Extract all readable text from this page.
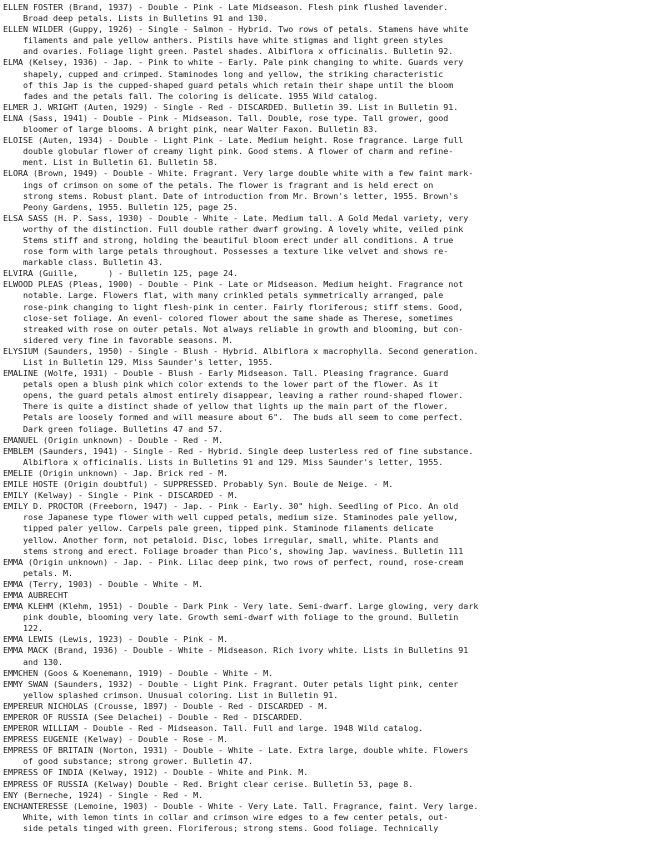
ELLEN FOSTER (Brand, 1937) - Double - Pink - Late Midseason. Flesh pink flushed lavender.
Broad deep petals. Lists in Bulletins 91 and 130.
ELLEN WILDER (Guppy, 1926) - Single - Salmon - Hybrid. Two rows of petals. Stamens have white
filaments and pale yellow anthers. Pistils have white stigmas and light green styles
and ovaries. Foliage light green. Pastel shades. Albiflora x officinalis. Bulletin 92.
ELMA (Kelsey, 1936) - Jap. - Pink to white - Early. Pale pink changing to white. Guards very
shapely, cupped and crimped. Staminodes long and yellow, the striking characteristic
of this Jap is the cupped-shaped guard petals which retain their shape until the bloom
fades and the petals fall. The coloring is delicate. 1955 Wild catalog.
ELMER J. WRIGHT (Auten, 1929) - Single - Red - DISCARDED. Bulletin 39. List in Bulletin 91.
ELNA (Sass, 1941) - Double - Pink - Midseason. Tall. Double, rose type. Tall grower, good
bloomer of large blooms. A bright pink, near Walter Faxon. Bulletin 83.
ELOISE (Auten, 1934) - Double - Light Pink - Late. Medium height. Rose fragrance. Large full
double globular flower of creamy light pink. Good stems. A flower of charm and refine-
ment. List in Bulletin 61. Bulletin 58.
ELORA (Brown, 1949) - Double - White. Fragrant. Very large double white with a few faint mark-
ings of crimson on some of the petals. The flower is fragrant and is held erect on
strong stems. Robust plant. Date of introduction from Mr. Brown's letter, 1955. Brown's
Peony Gardens, 1955. Bulletin 125, page 25.
ELSA SASS (H. P. Sass, 1930) - Double - White - Late. Medium tall. A Gold Medal variety, very
worthy of the distinction. Full double rather dwarf growing. A lovely white, veiled pink
Stems stiff and strong, holding the beautiful bloom erect under all conditions. A true
rose form with large petals throughout. Possesses a texture like velvet and shows re-
markable class. Bulletin 43.
ELVIRA (Guille,      ) - Bulletin 125, page 24.
ELWOOD PLEAS (Pleas, 1900) - Double - Pink - Late or Midseason. Medium height. Fragrance not
notable. Large. Flowers flat, with many crinkled petals symmetrically arranged, pale
rose-pink changing to light flesh-pink in center. Fairly floriferous; stiff stems. Good,
close-set foliage. An evenl- colored flower about the same shade as Therese, sometimes
streaked with rose on outer petals. Not always reliable in growth and blooming, but con-
sidered very fine in favorable seasons. M.
ELYSIUM (Saunders, 1950) - Single - Blush - Hybrid. Albiflora x macrophylla. Second generation.
List in Bulletin 129. Miss Saunder's letter, 1955.
EMALINE (Wolfe, 1931) - Double - Blush - Early Midseason. Tall. Pleasing fragrance. Guard
petals open a blush pink which color extends to the lower part of the flower. As it
opens, the guard petals almost entirely disappear, leaving a rather round-shaped flower.
There is quite a distinct shade of yellow that lights up the main part of the flower.
Petals are loosely formed and will measure about 6".  The buds all seem to come perfect.
Dark green foliage. Bulletins 47 and 57.
EMANUEL (Origin unknown) - Double - Red - M.
EMBLEM (Saunders, 1941) - Single - Red - Hybrid. Single deep lusterless red of fine substance.
Albiflora x officinalis. Lists in Bulletins 91 and 129. Miss Saunder's letter, 1955.
EMELIE (Origin unknown) - Jap. Brick red - M.
EMILE HOSTE (Origin doubtful) - SUPPRESSED. Probably Syn. Boule de Neige. - M.
EMILY (Kelway) - Single - Pink - DISCARDED - M.
EMILY D. PROCTOR (Freeborn, 1947) - Jap. - Pink - Early. 30" high. Seedling of Pico. An old
rose Japanese type flower with well cupped petals, medium size. Staminodes pale yellow,
tipped paler yellow. Carpels pale green, tipped pink. Staminode filaments delicate
yellow. Another form, not petaloid. Disc, lobes irregular, small, white. Plants and
stems strong and erect. Foliage broader than Pico's, showing Jap. waviness. Bulletin 111
EMMA (Origin unknown) - Jap. - Pink. Lilac deep pink, two rows of perfect, round, rose-cream
petals. M.
EMMA (Terry, 1903) - Double - White - M.
EMMA AUBRECHT
EMMA KLEHM (Klehm, 1951) - Double - Dark Pink - Very late. Semi-dwarf. Large glowing, very dark
pink double, blooming very late. Growth semi-dwarf with foliage to the ground. Bulletin
122.
EMMA LEWIS (Lewis, 1923) - Double - Pink - M.
EMMA MACK (Brand, 1936) - Double - White - Midseason. Rich ivory white. Lists in Bulletins 91
and 130.
EMMCHEN (Goos & Koenemann, 1919) - Double - White - M.
EMMY SWAN (Saunders, 1932) - Double - Light Pink. Fragrant. Outer petals light pink, center
yellow splashed crimson. Unusual coloring. List in Bulletin 91.
EMPEREUR NICHOLAS (Crousse, 1897) - Double - Red - DISCARDED - M.
EMPEROR OF RUSSIA (See Delachei) - Double - Red - DISCARDED.
EMPEROR WILLIAM - Double - Red - Midseason. Tall. Full and large. 1948 Wild catalog.
EMPRESS EUGENIE (Kelway) - Double - Rose - M.
EMPRESS OF BRITAIN (Norton, 1931) - Double - White - Late. Extra large, double white. Flowers
of good substance; strong grower. Bulletin 47.
EMPRESS OF INDIA (Kelway, 1912) - Double - White and Pink. M.
EMPRESS OF RUSSIA (Kelway) Double - Red. Bright clear cerise. Bulletin 53, page 8.
ENY (Berneche, 1924) - Single - Red - M.
ENCHANTERESSE (Lemoine, 1903) - Double - White - Very Late. Tall. Fragrance, faint. Very large.
White, with lemon tints in collar and crimson wire edges to a few center petals, out-
side petals tinged with green. Floriferous; strong stems. Good foliage. Technically
